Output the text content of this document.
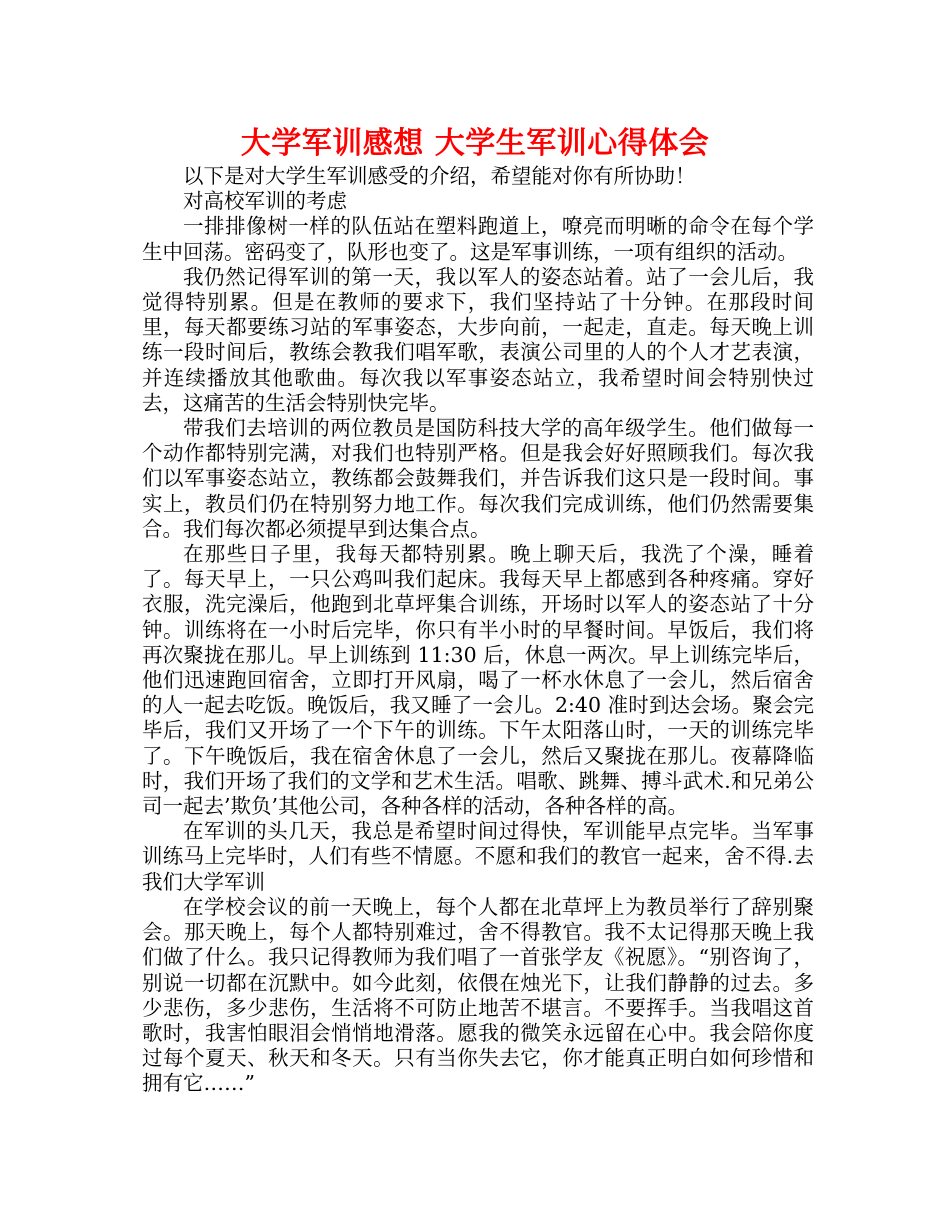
大学军训感想 大学生军训心得体会

以下是对大学生军训感受的介绍，希望能对你有所协助！

对高校军训的考虑

一排排像树一样的队伍站在塑料跑道上，嘹亮而明晰的命令在每个学生中回荡。密码变了，队形也变了。这是军事训练，一项有组织的活动。

我仍然记得军训的第一天，我以军人的姿态站着。站了一会儿后，我觉得特别累。但是在教师的要求下，我们坚持站了十分钟。在那段时间里，每天都要练习站的军事姿态，大步向前，一起走，直走。每天晚上训练一段时间后，教练会教我们唱军歌，表演公司里的人的个人才艺表演，并连续播放其他歌曲。每次我以军事姿态站立，我希望时间会特别快过去，这痛苦的生活会特别快完毕。

带我们去培训的两位教员是国防科技大学的高年级学生。他们做每一个动作都特别完满，对我们也特别严格。但是我会好好照顾我们。每次我们以军事姿态站立，教练都会鼓舞我们，并告诉我们这只是一段时间。事实上，教员们仍在特别努力地工作。每次我们完成训练，他们仍然需要集合。我们每次都必须提早到达集合点。

在那些日子里，我每天都特别累。晚上聊天后，我洗了个澡，睡着了。每天早上，一只公鸡叫我们起床。我每天早上都感到各种疼痛。穿好衣服，洗完澡后，他跑到北草坪集合训练，开场时以军人的姿态站了十分钟。训练将在一小时后完毕，你只有半小时的早餐时间。早饭后，我们将再次聚拢在那儿。早上训练到 11:30 后，休息一两次。早上训练完毕后，他们迅速跑回宿舍，立即打开风扇，喝了一杯水休息了一会儿，然后宿舍的人一起去吃饭。晚饭后，我又睡了一会儿。2:40 准时到达会场。聚会完毕后，我们又开场了一个下午的训练。下午太阳落山时，一天的训练完毕了。下午晚饭后，我在宿舍休息了一会儿，然后又聚拢在那儿。夜幕降临时，我们开场了我们的文学和艺术生活。唱歌、跳舞、搏斗武术.和兄弟公司一起去’欺负’其他公司，各种各样的活动，各种各样的高。

在军训的头几天，我总是希望时间过得快，军训能早点完毕。当军事训练马上完毕时，人们有些不情愿。不愿和我们的教官一起来，舍不得.去我们大学军训

在学校会议的前一天晚上，每个人都在北草坪上为教员举行了辞别聚会。那天晚上，每个人都特别难过，舍不得教官。我不太记得那天晚上我们做了什么。我只记得教师为我们唱了一首张学友《祝愿》。“别咨询了，别说一切都在沉默中。如今此刻，依偎在烛光下，让我们静静的过去。多少悲伤，多少悲伤，生活将不可防止地苦不堪言。不要挥手。当我唱这首歌时，我害怕眼泪会悄悄地滑落。愿我的微笑永远留在心中。我会陪你度过每个夏天、秋天和冬天。只有当你失去它，你才能真正明白如何珍惜和拥有它……”
